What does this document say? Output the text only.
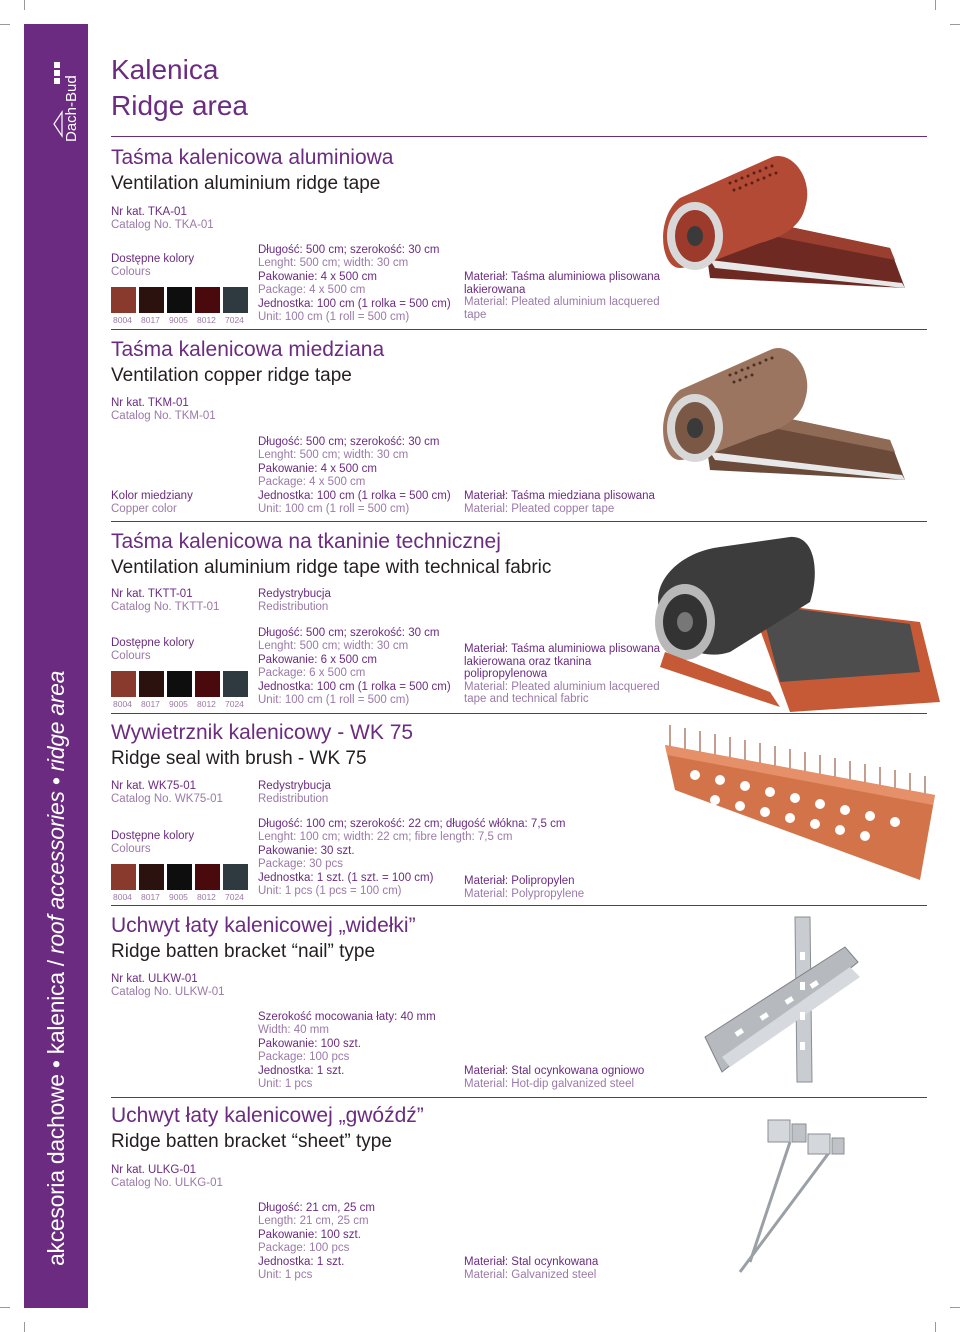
Dach-Bud
akcesoria dachowe • kalenica / roof accessories • ridge area
Kalenica
Ridge area
Taśma kalenicowa aluminiowa
Ventilation aluminium ridge tape
Nr kat. TKA-01
Catalog No. TKA-01
Dostępne kolory
Colours
8004	8017	9005	8012	7024
Długość: 500 cm; szerokość: 30 cm
Lenght: 500 cm; width: 30 cm
Pakowanie: 4 x 500 cm
Package: 4 x 500 cm
Jednostka: 100 cm (1 rolka = 500 cm)
Unit: 100 cm (1 roll = 500 cm)
Materiał: Taśma aluminiowa plisowana lakierowana
Material: Pleated aluminium lacquered tape
Taśma kalenicowa miedziana
Ventilation copper ridge tape
Nr kat. TKM-01
Catalog No. TKM-01
Kolor miedziany
Copper color
Długość: 500 cm; szerokość: 30 cm
Lenght: 500 cm; width: 30 cm
Pakowanie: 4 x 500 cm
Package: 4 x 500 cm
Jednostka: 100 cm (1 rolka = 500 cm)
Unit: 100 cm (1 roll = 500 cm)
Materiał: Taśma miedziana plisowana
Material: Pleated copper tape
Taśma kalenicowa na tkaninie technicznej
Ventilation aluminium ridge tape with technical fabric
Nr kat. TKTT-01
Catalog No. TKTT-01
Redystrybucja
Redistribution
Dostępne kolory
Colours
8004	8017	9005	8012	7024
Długość: 500 cm; szerokość: 30 cm
Lenght: 500 cm; width: 30 cm
Pakowanie: 6 x 500 cm
Package: 6 x 500 cm
Jednostka: 100 cm (1 rolka = 500 cm)
Unit: 100 cm (1 roll = 500 cm)
Materiał: Taśma aluminiowa plisowana lakierowana oraz tkanina polipropylenowa
Material: Pleated aluminium lacquered tape and technical fabric
Wywietrznik kalenicowy - WK 75
Ridge seal with brush - WK 75
Nr kat. WK75-01
Catalog No. WK75-01
Redystrybucja
Redistribution
Dostępne kolory
Colours
8004	8017	9005	8012	7024
Długość: 100 cm; szerokość: 22 cm; długość włókna: 7,5 cm
Lenght: 100 cm; width: 22 cm; fibre length: 7,5 cm
Pakowanie: 30 szt.
Package: 30 pcs
Jednostka: 1 szt. (1 szt. = 100 cm)
Unit: 1 pcs (1 pcs = 100 cm)
Materiał: Polipropylen
Material: Polypropylene
Uchwyt łaty kalenicowej „widełki”
Ridge batten bracket “nail” type
Nr kat. ULKW-01
Catalog No. ULKW-01
Szerokość mocowania łaty: 40 mm
Width: 40 mm
Pakowanie: 100 szt.
Package: 100 pcs
Jednostka: 1 szt.
Unit: 1 pcs
Materiał: Stal ocynkowana ogniowo
Material: Hot-dip galvanized steel
Uchwyt łaty kalenicowej „gwóźdź”
Ridge batten bracket “sheet” type
Nr kat. ULKG-01
Catalog No. ULKG-01
Długość: 21 cm, 25 cm
Length: 21 cm, 25 cm
Pakowanie: 100 szt.
Package: 100 pcs
Jednostka: 1 szt.
Unit: 1 pcs
Materiał: Stal ocynkowana
Material: Galvanized steel
